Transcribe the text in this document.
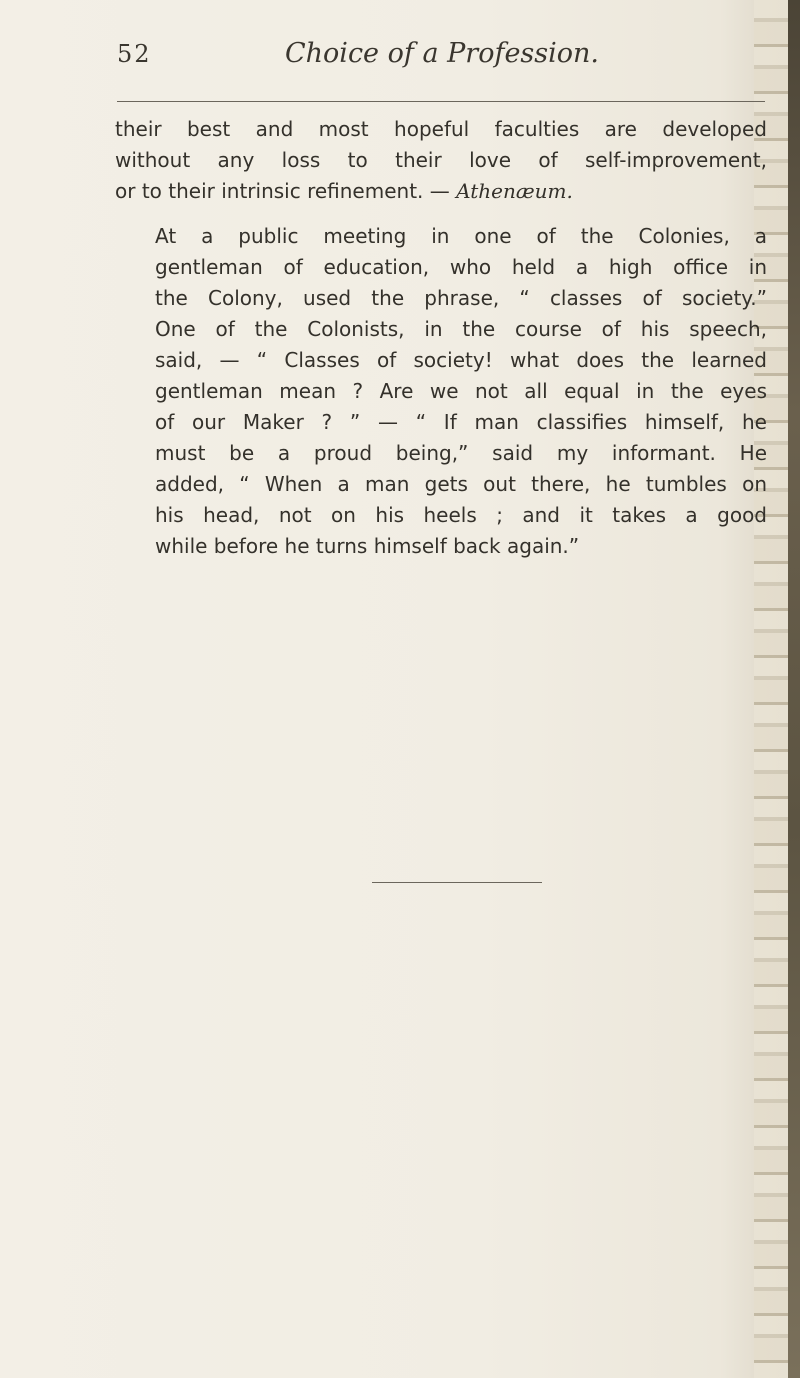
52	Choice of a Profession.

their best and most hopeful faculties are developed
without any loss to their love of self-improvement,
or to their intrinsic refinement. — Athenæum.

At a public meeting in one of the Colonies, a
gentleman of education, who held a high office in
the Colony, used the phrase, “ classes of society.”
One of the Colonists, in the course of his speech,
said, — “ Classes of society! what does the learned
gentleman mean ? Are we not all equal in the eyes
of our Maker ? ” — “ If man classifies himself, he
must be a proud being,” said my informant. He
added, “ When a man gets out there, he tumbles on
his head, not on his heels ; and it takes a good
while before he turns himself back again.”
